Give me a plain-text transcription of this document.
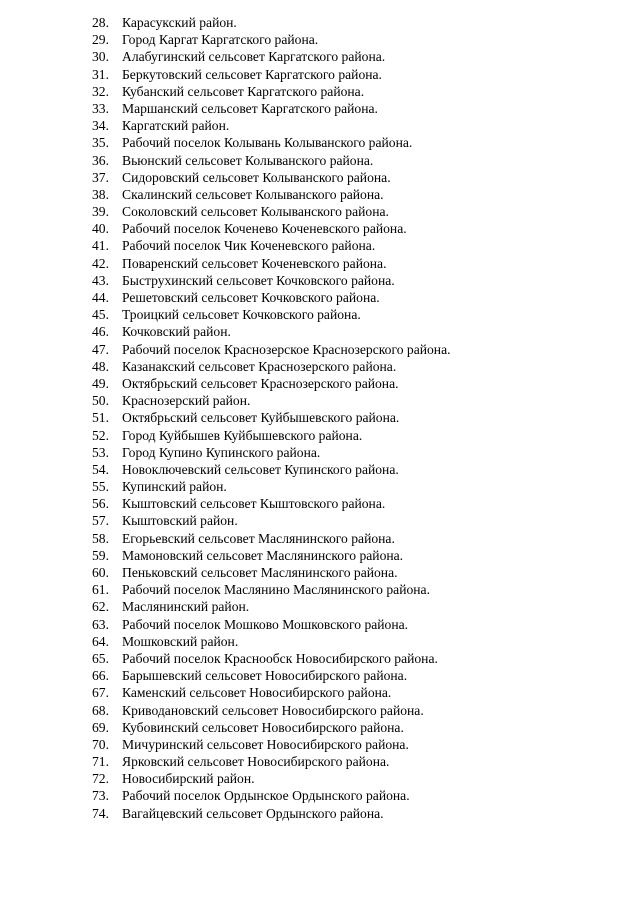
28. Карасукский район.
29. Город Каргат Каргатского района.
30. Алабугинский сельсовет Каргатского района.
31. Беркутовский сельсовет Каргатского района.
32. Кубанский сельсовет Каргатского района.
33. Маршанский сельсовет Каргатского района.
34. Каргатский район.
35. Рабочий поселок Колывань Колыванского района.
36. Вьюнский сельсовет Колыванского района.
37. Сидоровский сельсовет Колыванского района.
38. Скалинский сельсовет Колыванского района.
39. Соколовский сельсовет Колыванского района.
40. Рабочий поселок Коченево Коченевского района.
41. Рабочий поселок Чик Коченевского района.
42. Поваренский сельсовет Коченевского района.
43. Быструхинский сельсовет Кочковского района.
44. Решетовский сельсовет Кочковского района.
45. Троицкий сельсовет Кочковского района.
46. Кочковский район.
47. Рабочий поселок Краснозерское Краснозерского района.
48. Казанакский сельсовет Краснозерского района.
49. Октябрьский сельсовет Краснозерского района.
50. Краснозерский район.
51. Октябрьский сельсовет Куйбышевского района.
52. Город Куйбышев Куйбышевского района.
53. Город Купино Купинского района.
54. Новоключевский сельсовет Купинского района.
55. Купинский район.
56. Кыштовский сельсовет Кыштовского района.
57. Кыштовский район.
58. Егорьевский сельсовет Маслянинского района.
59. Мамоновский сельсовет Маслянинского района.
60. Пеньковский сельсовет Маслянинского района.
61. Рабочий поселок Маслянино Маслянинского района.
62. Маслянинский район.
63. Рабочий поселок Мошково Мошковского района.
64. Мошковский район.
65. Рабочий поселок Краснообск Новосибирского района.
66. Барышевский сельсовет Новосибирского района.
67. Каменский сельсовет Новосибирского района.
68. Криводановский сельсовет Новосибирского района.
69. Кубовинский сельсовет Новосибирского района.
70. Мичуринский сельсовет Новосибирского района.
71. Ярковский сельсовет Новосибирского района.
72. Новосибирский район.
73. Рабочий поселок Ордынское Ордынского района.
74. Вагайцевский сельсовет Ордынского района.
